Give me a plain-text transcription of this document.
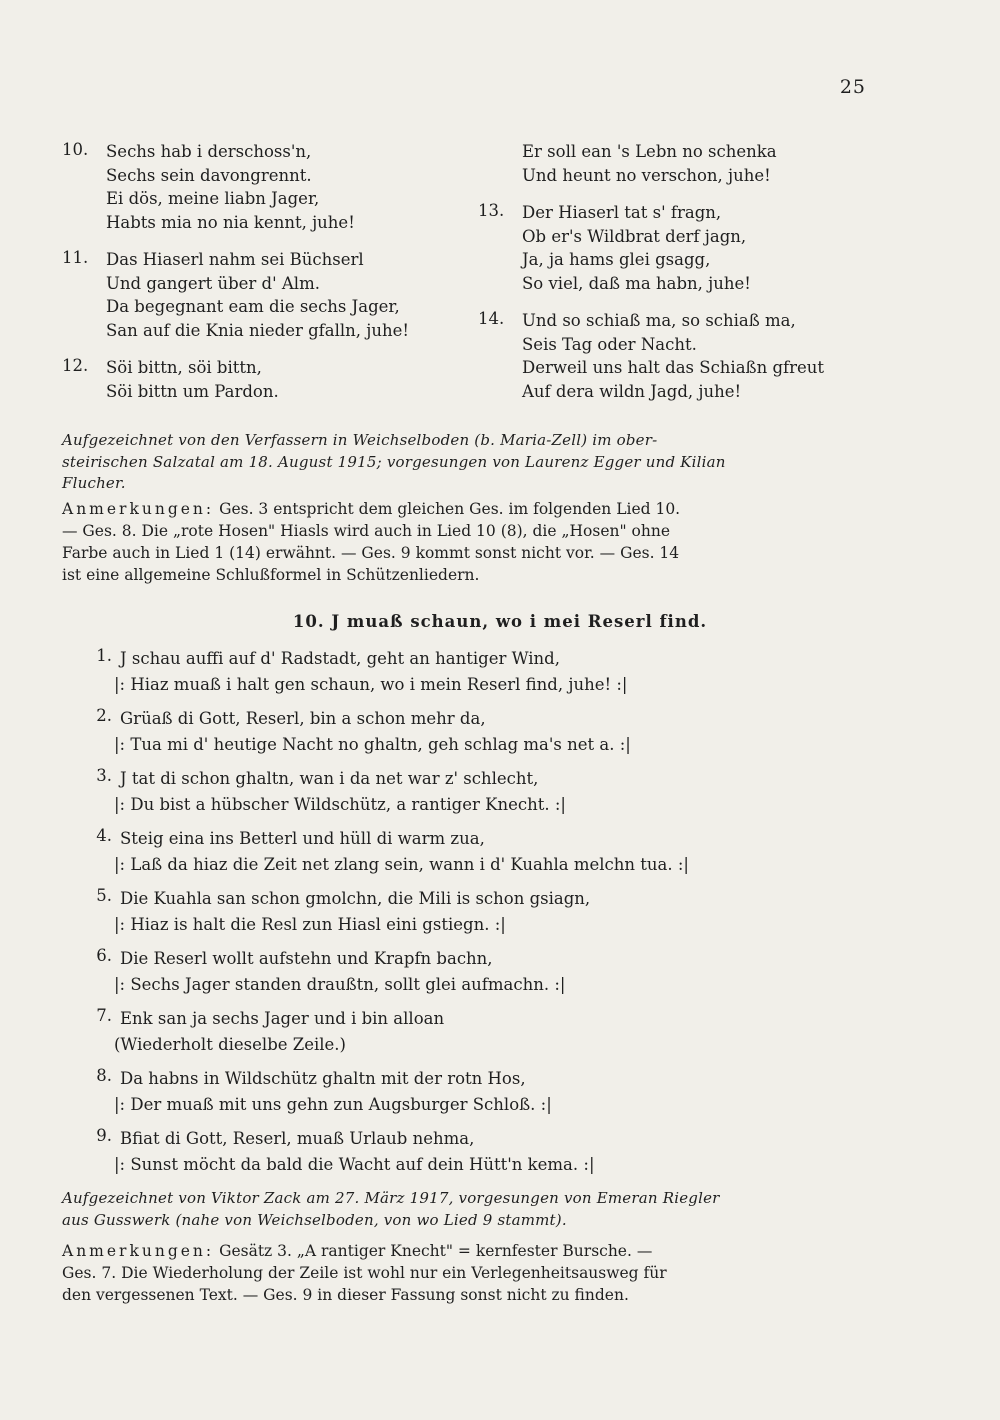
25
10.	Sechs hab i derschoss'n,
Sechs sein davongrennt.
Ei dös, meine liabn Jager,
Habts mia no nia kennt, juhe!
11.	Das Hiaserl nahm sei Büchserl
Und gangert über d' Alm.
Da begegnant eam die sechs Jager,
San auf die Knia nieder gfalln, juhe!
12.	Söi bittn, söi bittn,
Söi bittn um Pardon.
Er soll ean 's Lebn no schenka
Und heunt no verschon, juhe!
13.	Der Hiaserl tat s' fragn,
Ob er's Wildbrat derf jagn,
Ja, ja hams glei gsagg,
So viel, daß ma habn, juhe!
14.	Und so schiaß ma, so schiaß ma,
Seis Tag oder Nacht.
Derweil uns halt das Schiaßn gfreut
Auf dera wildn Jagd, juhe!
Aufgezeichnet von den Verfassern in Weichselboden (b. Maria-Zell) im ober-
steirischen Salzatal am 18. August 1915; vorgesungen von Laurenz Egger und Kilian
Flucher.
Anmerkungen: Ges. 3 entspricht dem gleichen Ges. im folgenden Lied 10.
— Ges. 8. Die „rote Hosen" Hiasls wird auch in Lied 10 (8), die „Hosen" ohne
Farbe auch in Lied 1 (14) erwähnt. — Ges. 9 kommt sonst nicht vor. — Ges. 14
ist eine allgemeine Schlußformel in Schützenliedern.
10. J muaß schaun, wo i mei Reserl find.
1. J schau auffi auf d' Radstadt, geht an hantiger Wind,
|: Hiaz muaß i halt gen schaun, wo i mein Reserl find, juhe! :|
2. Grüaß di Gott, Reserl, bin a schon mehr da,
|: Tua mi d' heutige Nacht no ghaltn, geh schlag ma's net a. :|
3. J tat di schon ghaltn, wan i da net war z' schlecht,
|: Du bist a hübscher Wildschütz, a rantiger Knecht. :|
4. Steig eina ins Betterl und hüll di warm zua,
|: Laß da hiaz die Zeit net zlang sein, wann i d' Kuahla melchn tua. :|
5. Die Kuahla san schon gmolchn, die Mili is schon gsiagn,
|: Hiaz is halt die Resl zun Hiasl eini gstiegn. :|
6. Die Reserl wollt aufstehn und Krapfn bachn,
|: Sechs Jager standen draußtn, sollt glei aufmachn. :|
7. Enk san ja sechs Jager und i bin alloan
(Wiederholt dieselbe Zeile.)
8. Da habns in Wildschütz ghaltn mit der rotn Hos,
|: Der muaß mit uns gehn zun Augsburger Schloß. :|
9. Bfiat di Gott, Reserl, muaß Urlaub nehma,
|: Sunst möcht da bald die Wacht auf dein Hütt'n kema. :|
Aufgezeichnet von Viktor Zack am 27. März 1917, vorgesungen von Emeran Riegler
aus Gusswerk (nahe von Weichselboden, von wo Lied 9 stammt).
Anmerkungen: Gesätz 3. „A rantiger Knecht" = kernfester Bursche. —
Ges. 7. Die Wiederholung der Zeile ist wohl nur ein Verlegenheitsausweg für
den vergessenen Text. — Ges. 9 in dieser Fassung sonst nicht zu finden.
